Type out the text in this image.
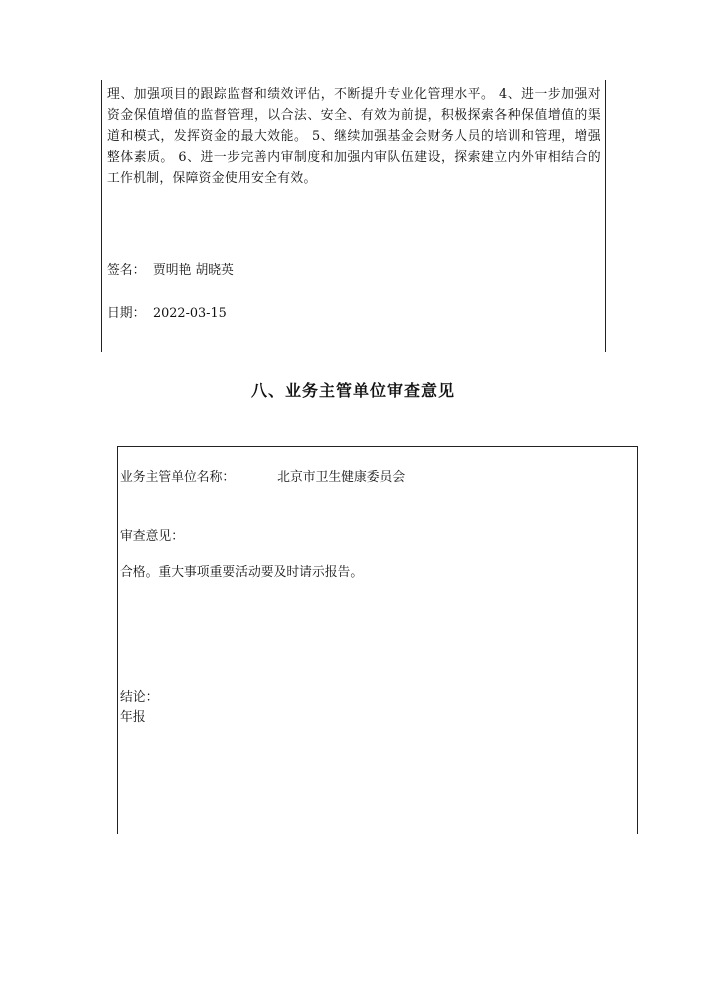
理、加强项目的跟踪监督和绩效评估，不断提升专业化管理水平。 4、进一步加强对资金保值增值的监督管理，以合法、安全、有效为前提，积极探索各种保值增值的渠道和模式，发挥资金的最大效能。 5、继续加强基金会财务人员的培训和管理，增强整体素质。 6、进一步完善内审制度和加强内审队伍建设，探索建立内外审相结合的工作机制，保障资金使用安全有效。

签名： 贾明艳 胡晓英
日期： 2022-03-15
八、业务主管单位审查意见
业务主管单位名称：	北京市卫生健康委员会
审查意见：
合格。重大事项重要活动要及时请示报告。
结论：
年报
